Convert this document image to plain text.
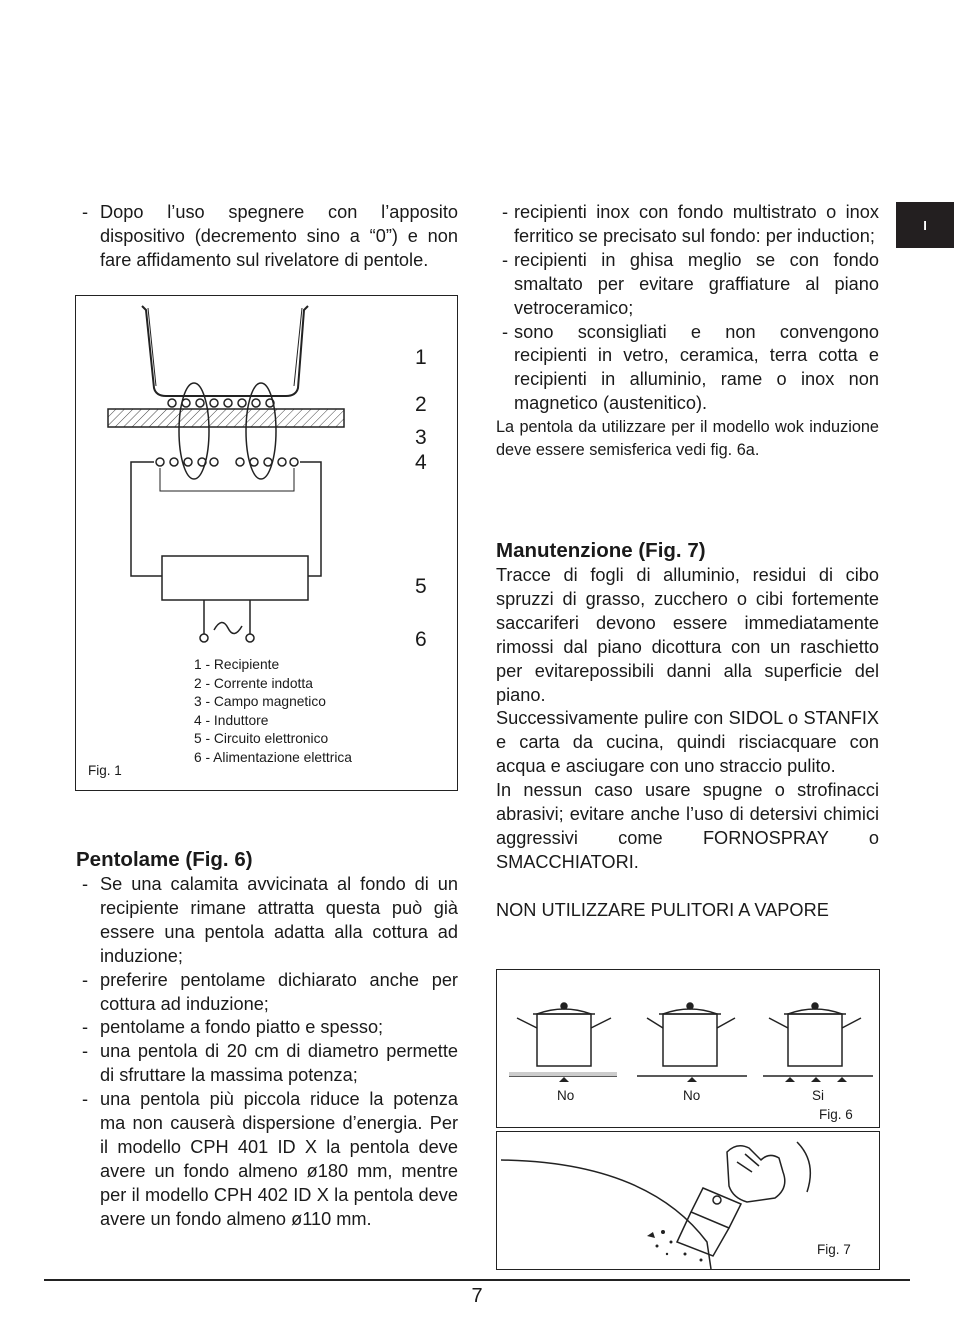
I
- Dopo l’uso spegnere con l’apposito dispositivo (decremento sino a “0”) e non fare affidamento sul rivelatore di pentole.
1
2
3
4
5
6
1 - Recipiente
2 - Corrente indotta
3 - Campo magnetico
4 - Induttore
5 - Circuito elettronico
6 - Alimentazione elettrica
Fig. 1
Pentolame (Fig. 6)
- Se una calamita avvicinata al fondo di un recipiente rimane attratta questa può già essere una pentola adatta alla cottura ad induzione;
- preferire pentolame dichiarato anche per cottura ad induzione;
- pentolame a fondo piatto e spesso;
- una pentola di 20 cm di diametro permette di sfruttare la massima potenza;
- una pentola più piccola riduce la potenza ma non causerà dispersione d’energia. Per il modello CPH 401 ID X la pentola deve avere un fondo almeno ø180 mm, mentre per il modello CPH 402 ID X la pentola deve avere un fondo almeno ø110 mm.
- recipienti inox con fondo multistrato o inox ferritico se precisato sul fondo: per induction;
- recipienti in ghisa meglio se con fondo smaltato per evitare graffiature al piano vetroceramico;
- sono sconsigliati e non convengono recipienti in vetro, ceramica, terra cotta e recipienti in alluminio, rame o inox non magnetico (austenitico).
La pentola da utilizzare per il modello wok induzione deve essere semisferica vedi fig. 6a.
Manutenzione (Fig. 7)

Tracce di fogli di alluminio, residui di cibo spruzzi di grasso, zucchero o cibi fortemente saccariferi devono essere immediatamente rimossi dal piano dicottura con un raschietto per evitarepossibili danni alla superficie del piano.

Successivamente pulire con SIDOL o STANFIX e carta da cucina, quindi risciacquare con acqua e asciugare con uno straccio pulito.

In nessun caso usare spugne o strofinacci abrasivi; evitare anche l’uso di detersivi chimici aggressivi come FORNOSPRAY o SMACCHIATORI.

NON UTILIZZARE PULITORI A VAPORE

No	No	Si
Fig. 6
Fig. 7
7
